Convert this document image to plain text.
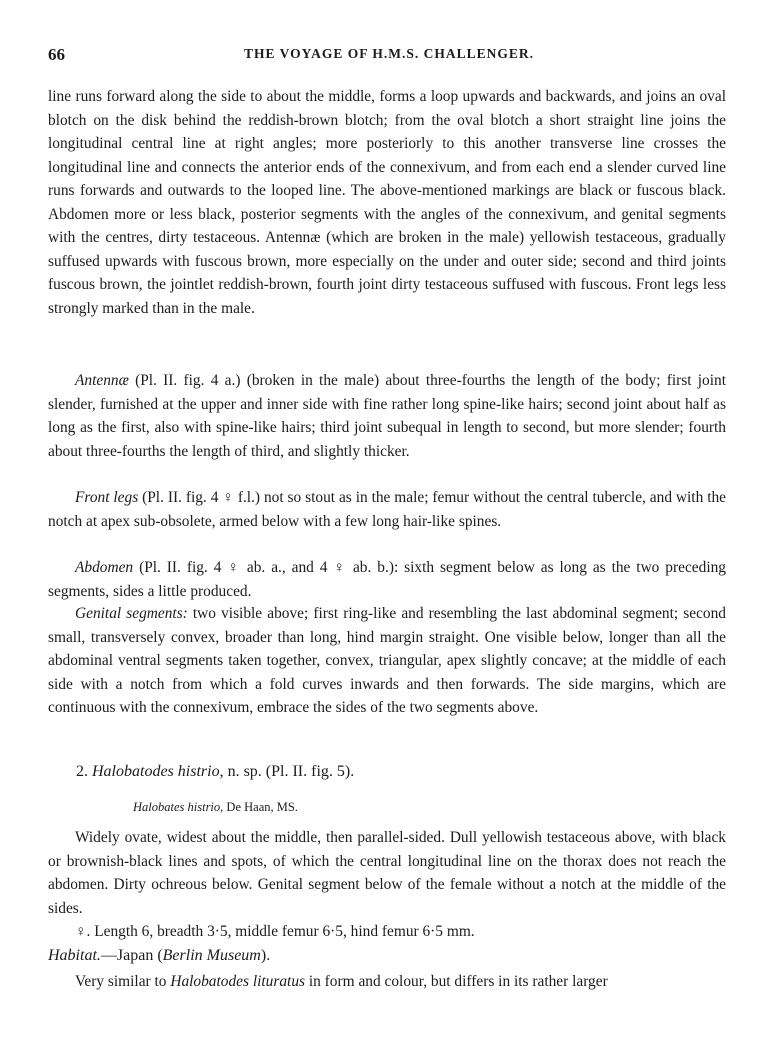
66	THE VOYAGE OF H.M.S. CHALLENGER.

line runs forward along the side to about the middle, forms a loop upwards and backwards, and joins an oval blotch on the disk behind the reddish-brown blotch; from the oval blotch a short straight line joins the longitudinal central line at right angles; more posteriorly to this another transverse line crosses the longitudinal line and connects the anterior ends of the connexivum, and from each end a slender curved line runs forwards and outwards to the looped line. The above-mentioned markings are black or fuscous black. Abdomen more or less black, posterior segments with the angles of the connexivum, and genital segments with the centres, dirty testaceous. Antennæ (which are broken in the male) yellowish testaceous, gradually suffused upwards with fuscous brown, more especially on the under and outer side; second and third joints fuscous brown, the jointlet reddish-brown, fourth joint dirty testaceous suffused with fuscous. Front legs less strongly marked than in the male.

Antennæ (Pl. II. fig. 4 a.) (broken in the male) about three-fourths the length of the body; first joint slender, furnished at the upper and inner side with fine rather long spine-like hairs; second joint about half as long as the first, also with spine-like hairs; third joint subequal in length to second, but more slender; fourth about three-fourths the length of third, and slightly thicker.

Front legs (Pl. II. fig. 4 ♀ f.l.) not so stout as in the male; femur without the central tubercle, and with the notch at apex sub-obsolete, armed below with a few long hair-like spines.

Abdomen (Pl. II. fig. 4 ♀ ab. a., and 4 ♀ ab. b.): sixth segment below as long as the two preceding segments, sides a little produced.

Genital segments: two visible above; first ring-like and resembling the last abdominal segment; second small, transversely convex, broader than long, hind margin straight. One visible below, longer than all the abdominal ventral segments taken together, convex, triangular, apex slightly concave; at the middle of each side with a notch from which a fold curves inwards and then forwards. The side margins, which are continuous with the connexivum, embrace the sides of the two segments above.

2. Halobatodes histrio, n. sp. (Pl. II. fig. 5).

Halobates histrio, De Haan, MS.

Widely ovate, widest about the middle, then parallel-sided. Dull yellowish testaceous above, with black or brownish-black lines and spots, of which the central longitudinal line on the thorax does not reach the abdomen. Dirty ochreous below. Genital segment below of the female without a notch at the middle of the sides.

♀. Length 6, breadth 3·5, middle femur 6·5, hind femur 6·5 mm.

Habitat.—Japan (Berlin Museum).

Very similar to Halobatodes lituratus in form and colour, but differs in its rather larger
